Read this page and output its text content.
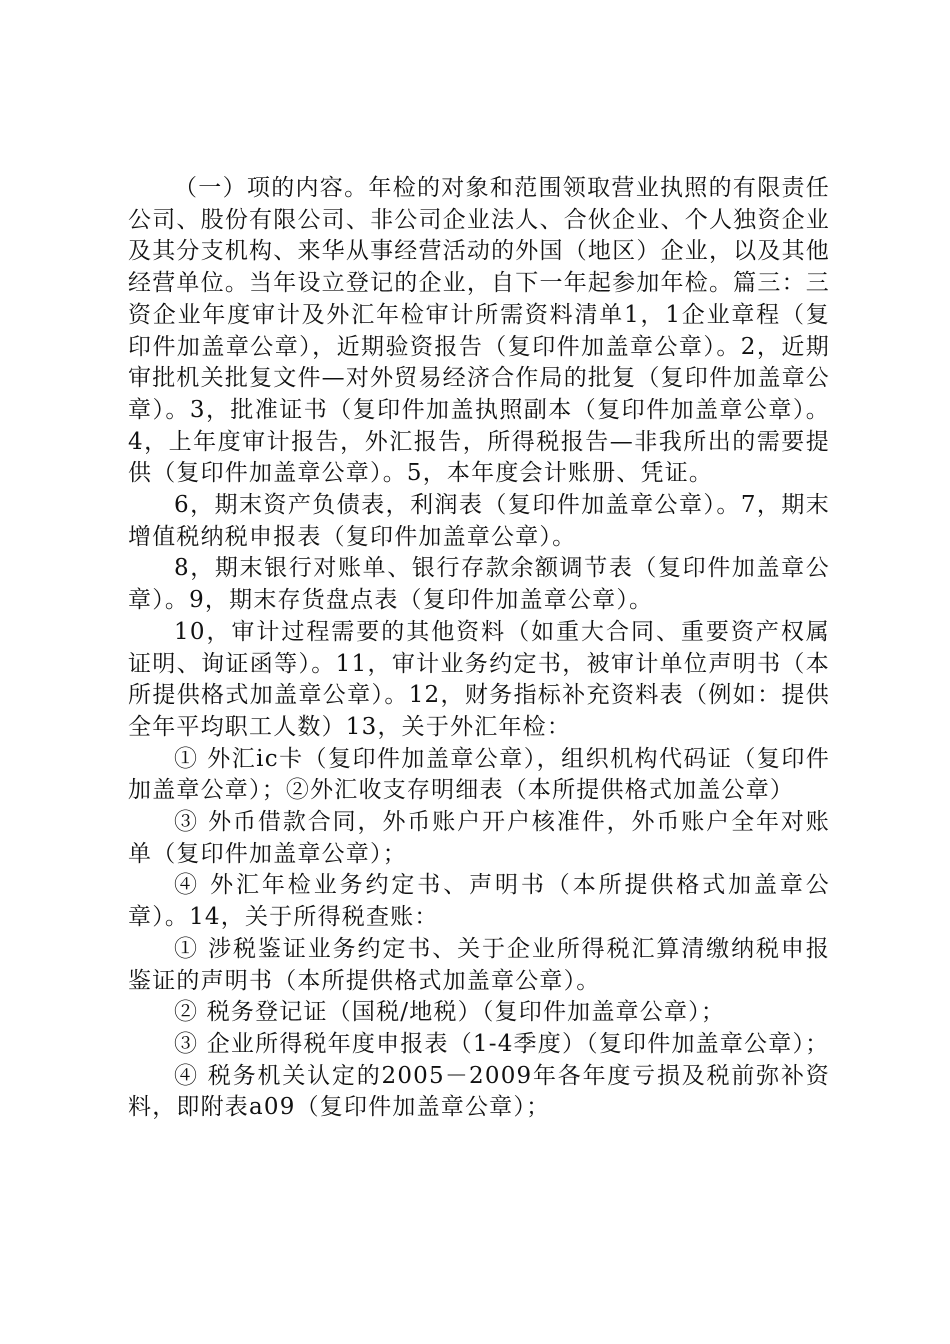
（一）项的内容。年检的对象和范围领取营业执照的有限责任公司、股份有限公司、非公司企业法人、合伙企业、个人独资企业及其分支机构、来华从事经营活动的外国（地区）企业，以及其他经营单位。当年设立登记的企业，自下一年起参加年检。篇三：三资企业年度审计及外汇年检审计所需资料清单1，1企业章程（复印件加盖章公章），近期验资报告（复印件加盖章公章）。2，近期审批机关批复文件—对外贸易经济合作局的批复（复印件加盖章公章）。3，批准证书（复印件加盖执照副本（复印件加盖章公章）。4，上年度审计报告，外汇报告，所得税报告—非我所出的需要提供（复印件加盖章公章）。5，本年度会计账册、凭证。

6，期末资产负债表，利润表（复印件加盖章公章）。7，期末增值税纳税申报表（复印件加盖章公章）。

8，期末银行对账单、银行存款余额调节表（复印件加盖章公章）。9，期末存货盘点表（复印件加盖章公章）。

10，审计过程需要的其他资料（如重大合同、重要资产权属证明、询证函等）。11，审计业务约定书，被审计单位声明书（本所提供格式加盖章公章）。12，财务指标补充资料表（例如：提供全年平均职工人数）13，关于外汇年检：

① 外汇ic卡（复印件加盖章公章），组织机构代码证（复印件加盖章公章）；②外汇收支存明细表（本所提供格式加盖公章）

③ 外币借款合同，外币账户开户核准件，外币账户全年对账单（复印件加盖章公章）；

④ 外汇年检业务约定书、声明书（本所提供格式加盖章公章）。14，关于所得税查账：

① 涉税鉴证业务约定书、关于企业所得税汇算清缴纳税申报鉴证的声明书（本所提供格式加盖章公章）。

② 税务登记证（国税/地税）（复印件加盖章公章）；

③ 企业所得税年度申报表（1-4季度）（复印件加盖章公章）；

④ 税务机关认定的2005－2009年各年度亏损及税前弥补资料，即附表a09（复印件加盖章公章）；
